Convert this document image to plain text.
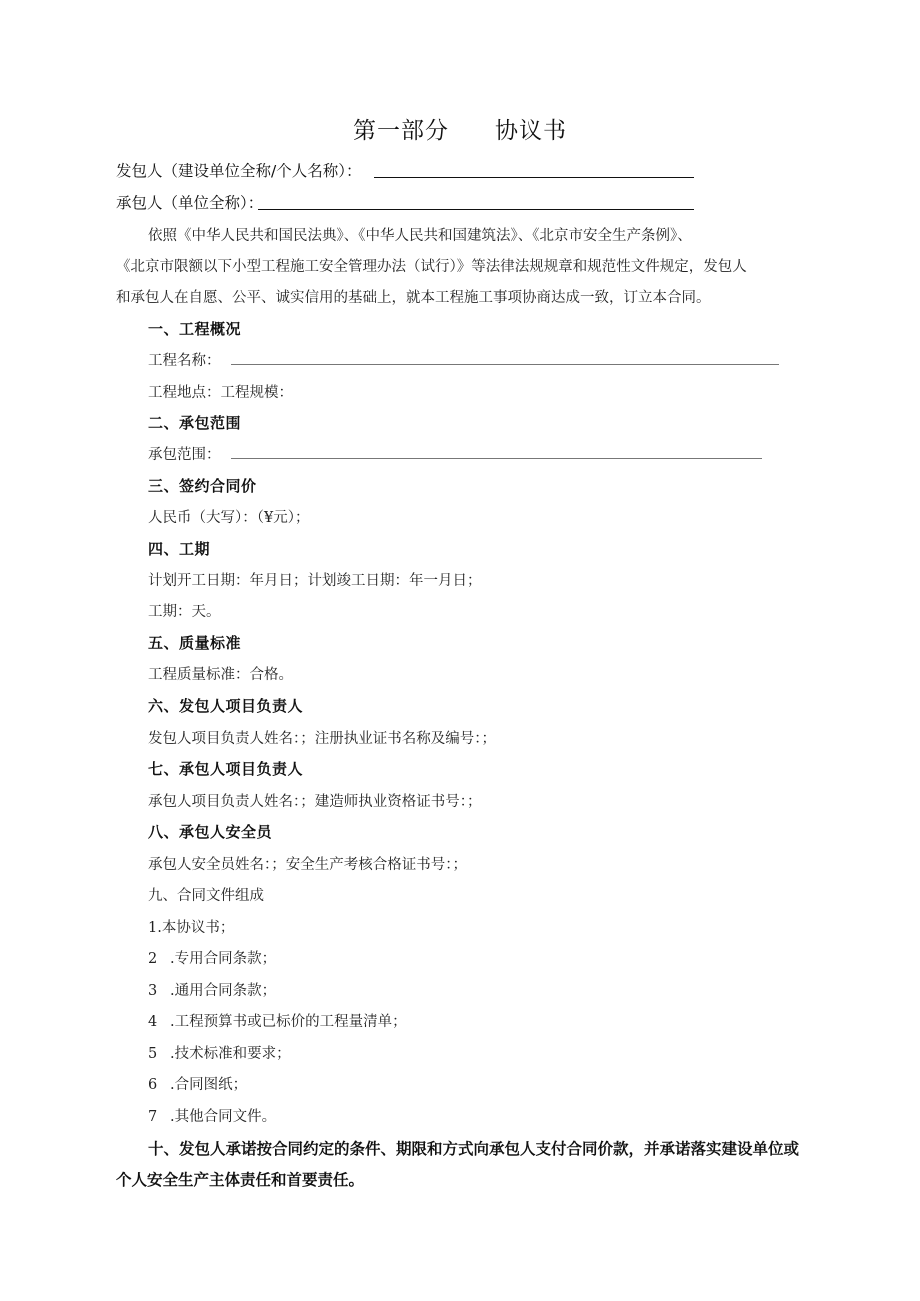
第一部分 协议书
发包人（建设单位全称/个人名称）：
承包人（单位全称）：
依照《中华人民共和国民法典》、《中华人民共和国建筑法》、《北京市安全生产条例》、
《北京市限额以下小型工程施工安全管理办法（试行）》等法律法规规章和规范性文件规定，发包人
和承包人在自愿、公平、诚实信用的基础上，就本工程施工事项协商达成一致，订立本合同。
一、工程概况
工程名称：
工程地点：工程规模：
二、承包范围
承包范围：
三、签约合同价
人民币（大写）：（¥元）；
四、工期
计划开工日期：年月日；计划竣工日期：年一月日；
工期：天。
五、质量标准
工程质量标准：合格。
六、发包人项目负责人
发包人项目负责人姓名：；注册执业证书名称及编号：；
七、承包人项目负责人
承包人项目负责人姓名：；建造师执业资格证书号：；
八、承包人安全员
承包人安全员姓名：；安全生产考核合格证书号：；
九、合同文件组成
1.本协议书；
2 .专用合同条款；
3 .通用合同条款；
4 .工程预算书或已标价的工程量清单；
5 .技术标准和要求；
6 .合同图纸；
7 .其他合同文件。
十、发包人承诺按合同约定的条件、期限和方式向承包人支付合同价款，并承诺落实建设单位或
个人安全生产主体责任和首要责任。
